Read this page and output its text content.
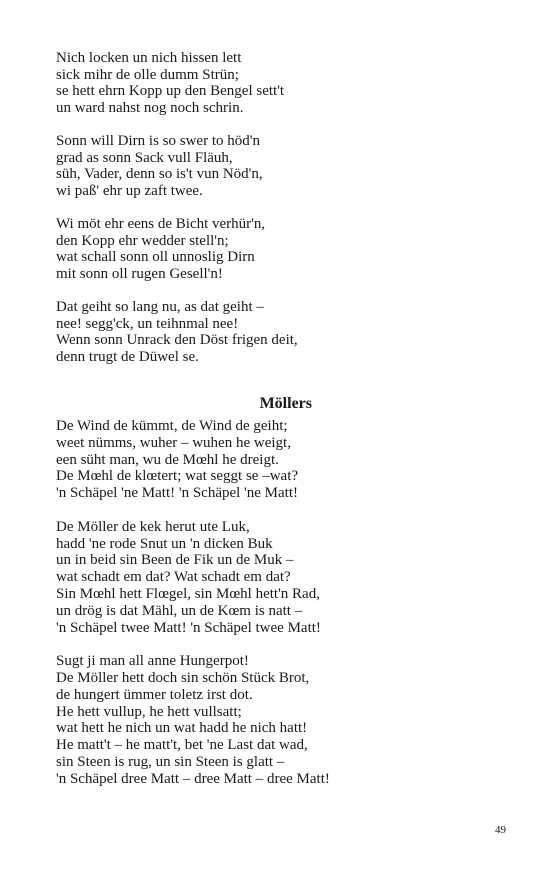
Nich locken un nich hissen lett
sick mihr de olle dumm Strün;
se hett ehrn Kopp up den Bengel sett't
un ward nahst nog noch schrin.
Sonn will Dirn is so swer to höd'n
grad as sonn Sack vull Fläuh,
süh, Vader, denn so is't vun Nöd'n,
wi paß' ehr up zaft twee.
Wi möt ehr eens de Bicht verhür'n,
den Kopp ehr wedder stell'n;
wat schall sonn oll unnoslig Dirn
mit sonn oll rugen Gesell'n!
Dat geiht so lang nu, as dat geiht –
nee! segg'ck, un teihnmal nee!
Wenn sonn Unrack den Döst frigen deit,
denn trugt de Düwel se.
Möllers
De Wind de kümmt, de Wind de geiht;
weet nümms, wuher – wuhen he weigt,
een süht man, wu de Mœhl he dreigt.
De Mœhl de klœtert; wat seggt se –wat?
'n Schäpel 'ne Matt! 'n Schäpel 'ne Matt!
De Möller de kek herut ute Luk,
hadd 'ne rode Snut un 'n dicken Buk
un in beid sin Been de Fik un de Muk –
wat schadt em dat? Wat schadt em dat?
Sin Mœhl hett Flœgel, sin Mœhl hett'n Rad,
un drög is dat Mähl, un de Kœm is natt –
'n Schäpel twee Matt! 'n Schäpel twee Matt!
Sugt ji man all anne Hungerpot!
De Möller hett doch sin schön Stück Brot,
de hungert ümmer toletz irst dot.
He hett vullup, he hett vullsatt;
wat hett he nich un wat hadd he nich hatt!
He matt't – he matt't, bet 'ne Last dat wad,
sin Steen is rug, un sin Steen is glatt –
'n Schäpel dree Matt – dree Matt – dree Matt!
49
